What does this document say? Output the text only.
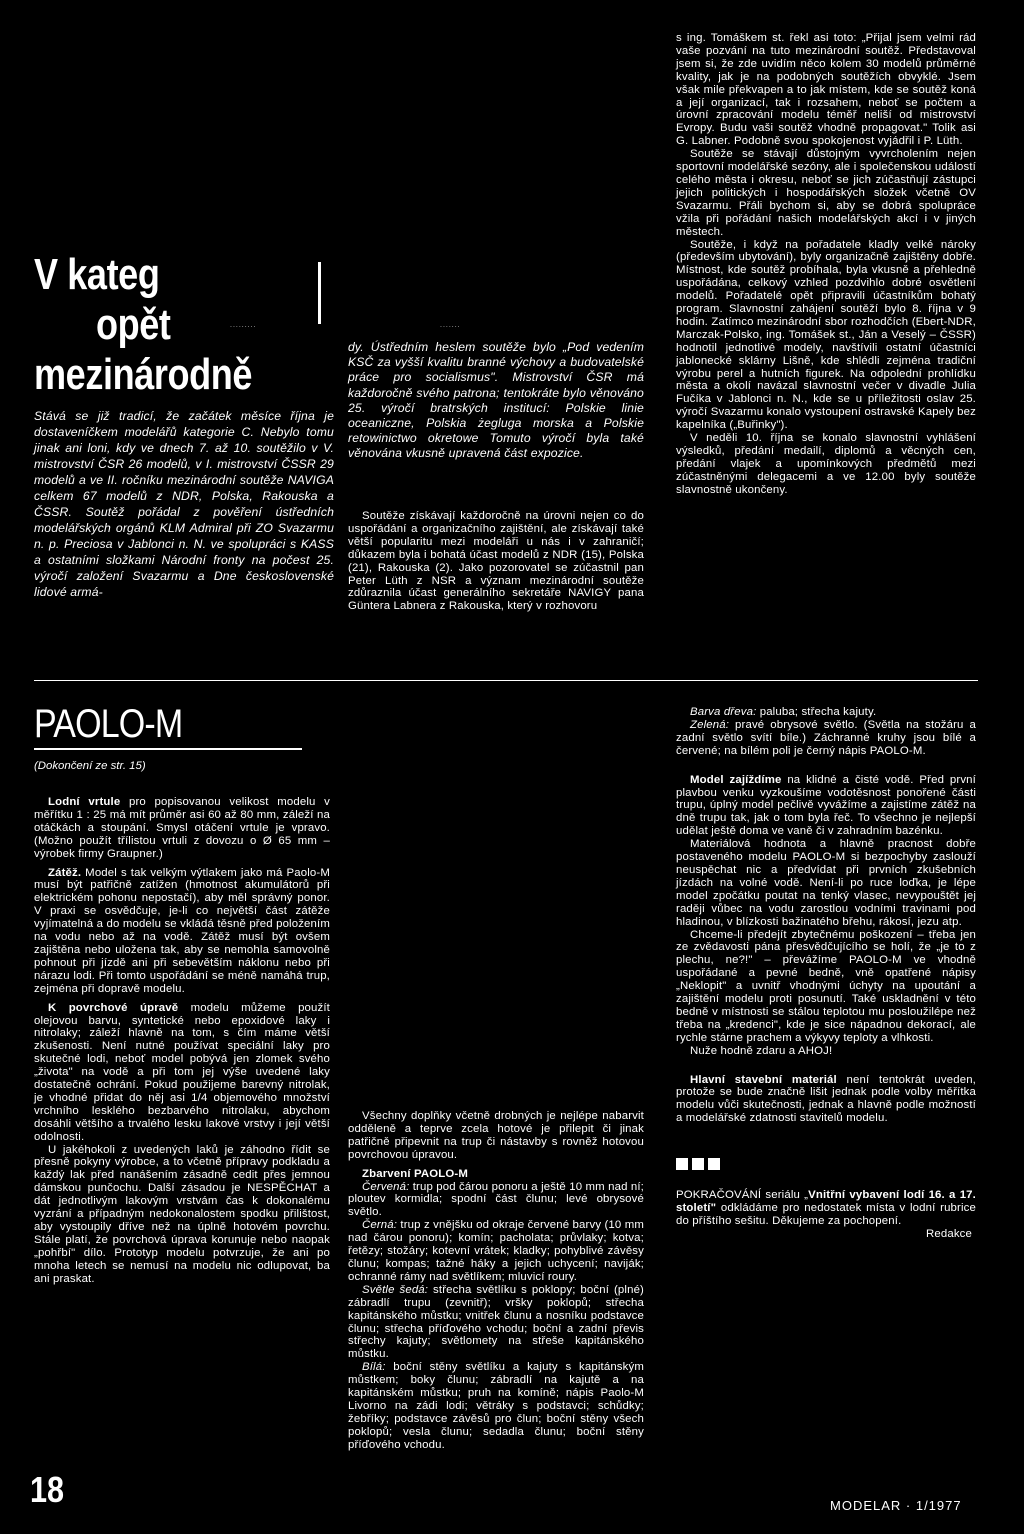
V kateg
opět
mezinárodně

Stává se již tradicí, že začátek měsíce října je dostaveníčkem modelářů kategorie C. Nebylo tomu jinak ani loni, kdy ve dnech 7. až 10. soutěžilo v V. mistrovství ČSR 26 modelů, v I. mistrovství ČSSR 29 modelů a ve II. ročníku mezinárodní soutěže NAVIGA celkem 67 modelů z NDR, Polska, Rakouska a ČSSR. Soutěž pořádal z pověření ústředních modelářských orgánů KLM Admiral při ZO Svazarmu n. p. Preciosa v Jablonci n. N. ve spolupráci s KASS a ostatními složkami Národní fronty na počest 25. výročí založení Svazarmu a Dne československé lidové armá-

.........	.......

dy. Ústředním heslem soutěže bylo „Pod vedením KSČ za vyšší kvalitu branné výchovy a budovatelské práce pro socialismus". Mistrovství ČSR má každoročně svého patrona; tentokráte bylo věnováno 25. výročí bratrských institucí: Polskie linie oceaniczne, Polskia żegluga morska a Polskie retowinictwo okretowe Tomuto výročí byla také věnována vkusně upravená část expozice.

Soutěže získávají každoročně na úrovni nejen co do uspořádání a organizačního zajištění, ale získávají také větší popularitu mezi modeláři u nás i v zahraničí; důkazem byla i bohatá účast modelů z NDR (15), Polska (21), Rakouska (2). Jako pozorovatel se zúčastnil pan Peter Lüth z NSR a význam mezinárodní soutěže zdůraznila účast generálního sekretáře NAVIGY pana Güntera Labnera z Rakouska, který v rozhovoru

s ing. Tomáškem st. řekl asi toto: „Přijal jsem velmi rád vaše pozvání na tuto mezinárodní soutěž. Představoval jsem si, že zde uvidím něco kolem 30 modelů průměrné kvality, jak je na podobných soutěžích obvyklé. Jsem však mile překvapen a to jak místem, kde se soutěž koná a její organizací, tak i rozsahem, neboť se počtem a úrovní zpracování modelu téměř neliší od mistrovství Evropy. Budu vaši soutěž vhodně propagovat." Tolik asi G. Labner. Podobně svou spokojenost vyjádřil i P. Lüth.

Soutěže se stávají důstojným vyvrcholením nejen sportovní modelářské sezóny, ale i společenskou událostí celého města i okresu, neboť se jich zúčastňují zástupci jejich politických i hospodářských složek včetně OV Svazarmu. Přáli bychom si, aby se dobrá spolupráce vžila při pořádání našich modelářských akcí i v jiných městech.

Soutěže, i když na pořadatele kladly velké nároky (především ubytování), byly organizačně zajištěny dobře. Místnost, kde soutěž probíhala, byla vkusně a přehledně uspořádána, celkový vzhled pozdvihlo dobré osvětlení modelů. Pořadatelé opět připravili účastníkům bohatý program. Slavnostní zahájení soutěží bylo 8. října v 9 hodin. Zatímco mezinárodní sbor rozhodčích (Ebert-NDR, Marczak-Polsko, ing. Tomášek st., Ján a Veselý – ČSSR) hodnotil jednotlivé modely, navštívili ostatní účastníci jablonecké sklárny Lišně, kde shlédli zejména tradiční výrobu perel a hutních figurek. Na odpolední prohlídku města a okolí navázal slavnostní večer v divadle Julia Fučíka v Jablonci n. N., kde se u příležitosti oslav 25. výročí Svazarmu konalo vystoupení ostravské Kapely bez kapelníka („Buřinky").

V neděli 10. října se konalo slavnostní vyhlášení výsledků, předání medailí, diplomů a věcných cen, předání vlajek a upomínkových předmětů mezi zúčastněnými delegacemi a ve 12.00 byly soutěže slavnostně ukončeny.

PAOLO-M
(Dokončení ze str. 15)

Lodní vrtule pro popisovanou velikost modelu v měřítku 1 : 25 má mít průměr asi 60 až 80 mm, záleží na otáčkách a stoupání. Smysl otáčení vrtule je vpravo. (Možno použít třílistou vrtuli z dovozu o Ø 65 mm – výrobek firmy Graupner.)

Zátěž. Model s tak velkým výtlakem jako má Paolo-M musí být patřičně zatížen (hmotnost akumulátorů při elektrickém pohonu nepostačí), aby měl správný ponor. V praxi se osvědčuje, je-li co největší část zátěže vyjímatelná a do modelu se vkládá těsně před položením na vodu nebo až na vodě. Zátěž musí být ovšem zajištěna nebo uložena tak, aby se nemohla samovolně pohnout při jízdě ani při sebevětším náklonu nebo při nárazu lodi. Při tomto uspořádání se méně namáhá trup, zejména při dopravě modelu.

K povrchové úpravě modelu můžeme použít olejovou barvu, syntetické nebo epoxidové laky i nitrolaky; záleží hlavně na tom, s čím máme větší zkušenosti. Není nutné používat speciální laky pro skutečné lodi, neboť model pobývá jen zlomek svého „života" na vodě a při tom jej výše uvedené laky dostatečně ochrání. Pokud použijeme barevný nitrolak, je vhodné přidat do něj asi 1/4 objemového množství vrchního lesklého bezbarvého nitrolaku, abychom dosáhli většího a trvalého lesku lakové vrstvy i její větší odolnosti.

U jakéhokoli z uvedených laků je záhodno řídit se přesně pokyny výrobce, a to včetně přípravy podkladu a každý lak před nanášením zásadně cedit přes jemnou dámskou punčochu. Další zásadou je NESPĚCHAT a dát jednotlivým lakovým vrstvám čas k dokonalému vyzrání a případným nedokonalostem spodku přilištost, aby vystoupily dříve než na úplně hotovém povrchu. Stále platí, že povrchová úprava korunuje nebo naopak „pohřbí" dílo. Prototyp modelu potvrzuje, že ani po mnoha letech se nemusí na modelu nic odlupovat, ba ani praskat.

Všechny doplňky včetně drobných je nejlépe nabarvit odděleně a teprve zcela hotové je přilepit či jinak patřičně připevnit na trup či nástavby s rovněž hotovou povrchovou úpravou.

Zbarvení PAOLO-M

Červená: trup pod čárou ponoru a ještě 10 mm nad ní; ploutev kormidla; spodní část člunu; levé obrysové světlo.

Černá: trup z vnějšku od okraje červené barvy (10 mm nad čárou ponoru); komín; pacholata; průvlaky; kotva; řetězy; stožáry; kotevní vrátek; kladky; pohyblivé závěsy člunu; kompas; tažné háky a jejich uchycení; naviják; ochranné rámy nad světlíkem; mluvicí roury.

Světle šedá: střecha světlíku s poklopy; boční (plné) zábradlí trupu (zevnitř); vršky poklopů; střecha kapitánského můstku; vnitřek člunu a nosníku podstavce člunu; střecha příďového vchodu; boční a zadní převis střechy kajuty; světlomety na střeše kapitánského můstku.

Bílá: boční stěny světlíku a kajuty s kapitánským můstkem; boky člunu; zábradlí na kajutě a na kapitánském můstku; pruh na komíně; nápis Paolo-M Livorno na zádi lodi; větráky s podstavci; schůdky; žebříky; podstavce závěsů pro člun; boční stěny všech poklopů; vesla člunu; sedadla člunu; boční stěny příďového vchodu.

Barva dřeva: paluba; střecha kajuty.

Zelená: pravé obrysové světlo. (Světla na stožáru a zadní světlo svítí bíle.) Záchranné kruhy jsou bílé a červené; na bílém poli je černý nápis PAOLO-M.

Model zajíždíme na klidné a čisté vodě. Před první plavbou venku vyzkoušíme vodotěsnost ponořené části trupu, úplný model pečlivě vyvážíme a zajistíme zátěž na dně trupu tak, jak o tom byla řeč. To všechno je nejlepší udělat ještě doma ve vaně či v zahradním bazénku.

Materiálová hodnota a hlavně pracnost dobře postaveného modelu PAOLO-M si bezpochyby zaslouží neuspěchat nic a předvídat při prvních zkušebních jízdách na volné vodě. Není-li po ruce loďka, je lépe model zpočátku poutat na tenký vlasec, nevypouštět jej raději vůbec na vodu zarostlou vodními travinami pod hladinou, v blízkosti bažinatého břehu, rákosí, jezu atp.

Chceme-li předejít zbytečnému poškození – třeba jen ze zvědavosti pána přesvědčujícího se holí, že „je to z plechu, ne?!" – převážíme PAOLO-M ve vhodně uspořádané a pevné bedně, vně opatřené nápisy „Neklopit" a uvnitř vhodnými úchyty na upoutání a zajištění modelu proti posunutí. Také uskladnění v této bedně v místnosti se stálou teplotou mu posloužilépe než třeba na „kredenci", kde je sice nápadnou dekorací, ale rychle stárne prachem a výkyvy teploty a vlhkosti.

Nuže hodně zdaru a AHOJ!

Hlavní stavební materiál není tentokrát uveden, protože se bude značně lišit jednak podle volby měřítka modelu vůči skutečnosti, jednak a hlavně podle možností a modelářské zdatnosti stavitelů modelu.

POKRAČOVÁNÍ seriálu „Vnitřní vybavení lodí 16. a 17. století" odkládáme pro nedostatek místa v lodní rubrice do příštího sešitu. Děkujeme za pochopení.

Redakce

18	MODELAR · 1/1977
